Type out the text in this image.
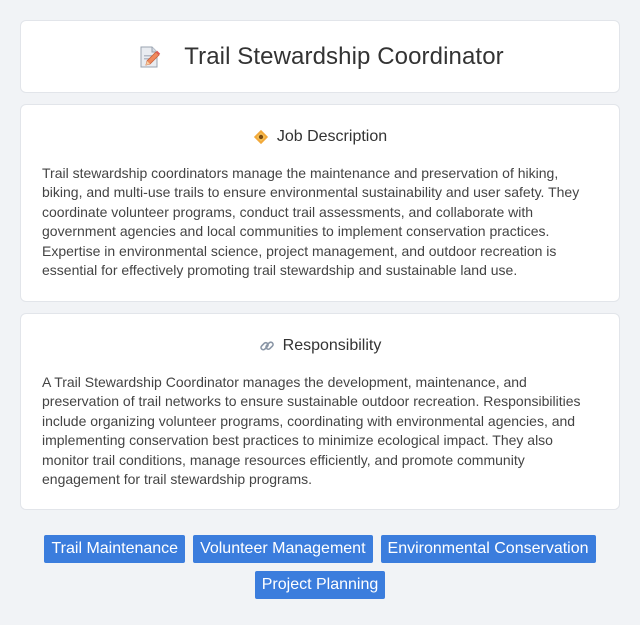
Trail Stewardship Coordinator
Job Description

Trail stewardship coordinators manage the maintenance and preservation of hiking, biking, and multi-use trails to ensure environmental sustainability and user safety. They coordinate volunteer programs, conduct trail assessments, and collaborate with government agencies and local communities to implement conservation practices. Expertise in environmental science, project management, and outdoor recreation is essential for effectively promoting trail stewardship and sustainable land use.

Responsibility

A Trail Stewardship Coordinator manages the development, maintenance, and preservation of trail networks to ensure sustainable outdoor recreation. Responsibilities include organizing volunteer programs, coordinating with environmental agencies, and implementing conservation best practices to minimize ecological impact. They also monitor trail conditions, manage resources efficiently, and promote community engagement for trail stewardship programs.

Trail Maintenance	Volunteer Management	Environmental Conservation
Project Planning
